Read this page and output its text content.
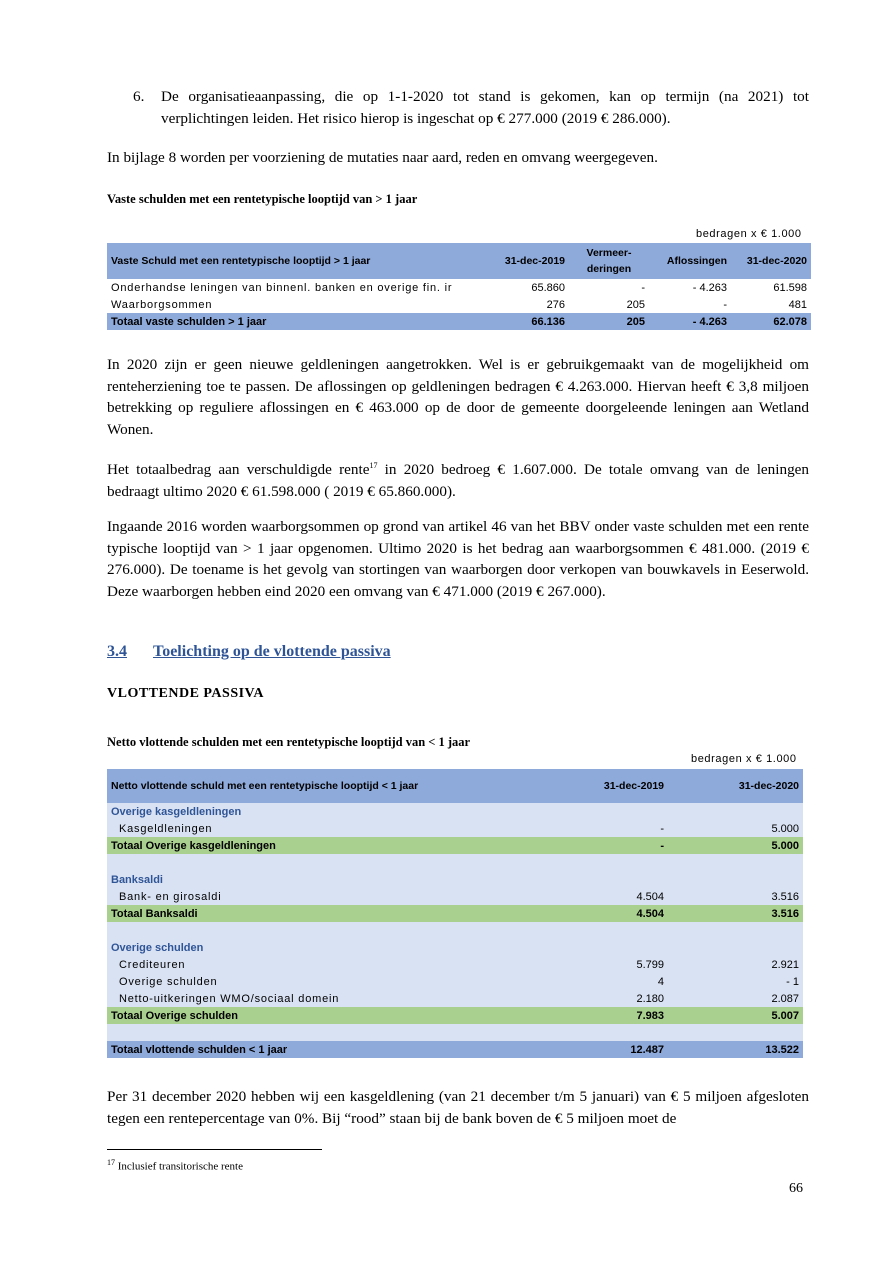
6. De organisatieaanpassing, die op 1-1-2020 tot stand is gekomen, kan op termijn (na 2021) tot verplichtingen leiden. Het risico hierop is ingeschat op € 277.000 (2019 € 286.000).

In bijlage 8 worden per voorziening de mutaties naar aard, reden en omvang weergegeven.

Vaste schulden met een rentetypische looptijd van > 1 jaar
bedragen x € 1.000
Vaste Schuld met een rentetypische looptijd > 1 jaar	31-dec-2019	Vermeer-deringen	Aflossingen	31-dec-2020
Onderhandse leningen van binnenl. banken en overige fin. ir	65.860	-	- 4.263	61.598
Waarborgsommen	276	205	-	481
Totaal vaste schulden > 1 jaar	66.136	205	- 4.263	62.078

In 2020 zijn er geen nieuwe geldleningen aangetrokken. Wel is er gebruikgemaakt van de mogelijkheid om renteherziening toe te passen. De aflossingen op geldleningen bedragen € 4.263.000. Hiervan heeft € 3,8 miljoen betrekking op reguliere aflossingen en € 463.000 op de door de gemeente doorgeleende leningen aan Wetland Wonen.

Het totaalbedrag aan verschuldigde rente$^{17}$ in 2020 bedroeg € 1.607.000. De totale omvang van de leningen bedraagt ultimo 2020 € 61.598.000 ( 2019 € 65.860.000).

Ingaande 2016 worden waarborgsommen op grond van artikel 46 van het BBV onder vaste schulden met een rente typische looptijd van > 1 jaar opgenomen. Ultimo 2020 is het bedrag aan waarborgsommen € 481.000. (2019 € 276.000). De toename is het gevolg van stortingen van waarborgen door verkopen van bouwkavels in Eeserwold. Deze waarborgen hebben eind 2020 een omvang van € 471.000 (2019 € 267.000).

3.4 Toelichting op de vlottende passiva
VLOTTENDE PASSIVA
Netto vlottende schulden met een rentetypische looptijd van < 1 jaar
bedragen x € 1.000
Netto vlottende schuld met een rentetypische looptijd < 1 jaar	31-dec-2019	31-dec-2020
Overige kasgeldleningen		
Kasgeldleningen	-	5.000
Totaal Overige kasgeldleningen	-	5.000

Banksaldi		
Bank- en girosaldi	4.504	3.516
Totaal Banksaldi	4.504	3.516

Overige schulden		
Crediteuren	5.799	2.921
Overige schulden	4	- 1
Netto-uitkeringen WMO/sociaal domein	2.180	2.087
Totaal Overige schulden	7.983	5.007

Totaal vlottende schulden < 1 jaar	12.487	13.522

Per 31 december 2020 hebben wij een kasgeldlening (van 21 december t/m 5 januari) van € 5 miljoen afgesloten tegen een rentepercentage van 0%. Bij “rood” staan bij de bank boven de € 5 miljoen moet de

$^{17}$ Inclusief transitorische rente
66
